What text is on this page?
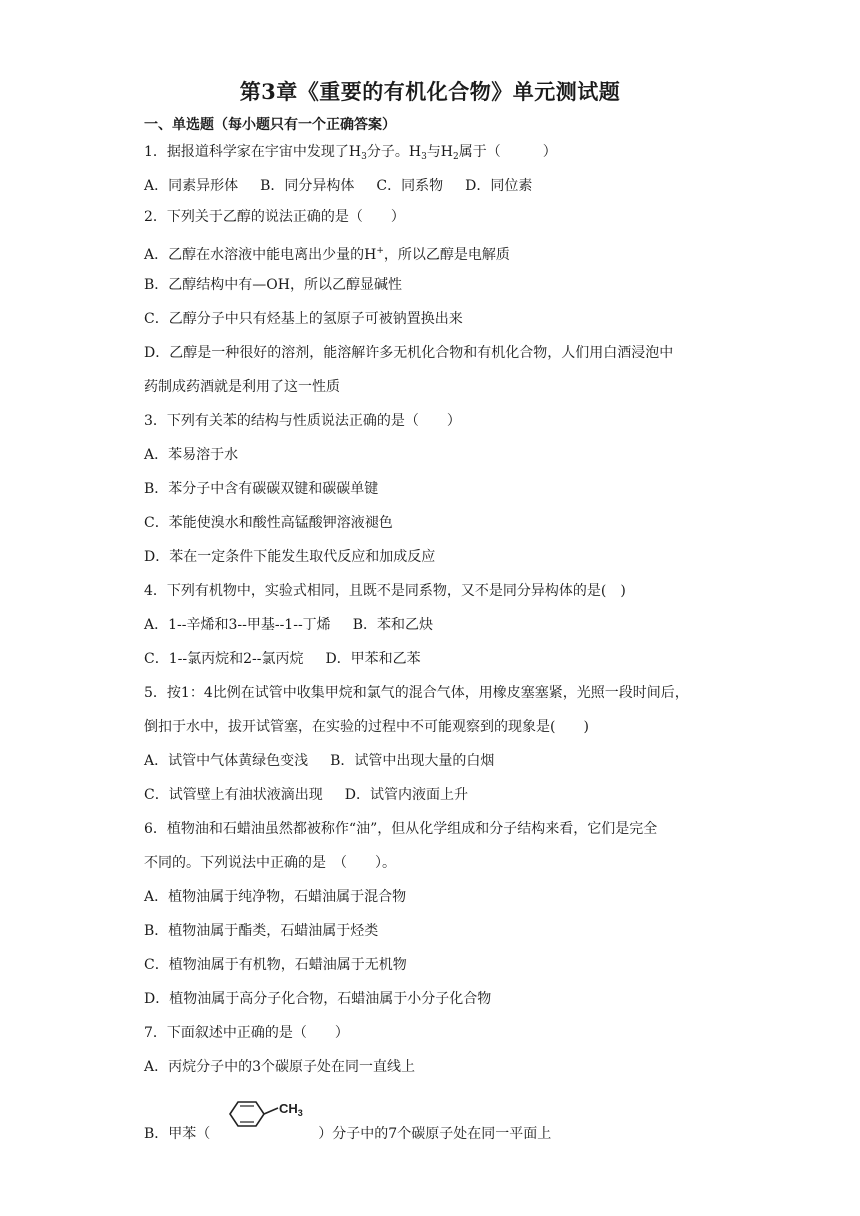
第3章《重要的有机化合物》单元测试题
一、单选题（每小题只有一个正确答案）
1．据报道科学家在宇宙中发现了$H_3$分子。$H_3$与$H_2$属于（　　　）
A．同素异形体 B．同分异构体 C．同系物 D．同位素
2．下列关于乙醇的说法正确的是（　　）
A．乙醇在水溶液中能电离出少量的H+，所以乙醇是电解质
B．乙醇结构中有—OH，所以乙醇显碱性
C．乙醇分子中只有烃基上的氢原子可被钠置换出来
D．乙醇是一种很好的溶剂，能溶解许多无机化合物和有机化合物，人们用白酒浸泡中
药制成药酒就是利用了这一性质
3．下列有关苯的结构与性质说法正确的是（　　）
A．苯易溶于水
B．苯分子中含有碳碳双键和碳碳单键
C．苯能使溴水和酸性高锰酸钾溶液褪色
D．苯在一定条件下能发生取代反应和加成反应
4．下列有机物中，实验式相同，且既不是同系物，又不是同分异构体的是(　)
A．1--辛烯和3--甲基--1--丁烯 B．苯和乙炔
C．1--氯丙烷和2--氯丙烷 D．甲苯和乙苯
5．按1：4比例在试管中收集甲烷和氯气的混合气体，用橡皮塞塞紧，光照一段时间后，
倒扣于水中，拔开试管塞，在实验的过程中不可能观察到的现象是(　　)
A．试管中气体黄绿色变浅 B．试管中出现大量的白烟
C．试管壁上有油状液滴出现 D．试管内液面上升
6．植物油和石蜡油虽然都被称作“油”，但从化学组成和分子结构来看，它们是完全
不同的。下列说法中正确的是　（　　）。
A．植物油属于纯净物，石蜡油属于混合物
B．植物油属于酯类，石蜡油属于烃类
C．植物油属于有机物，石蜡油属于无机物
D．植物油属于高分子化合物，石蜡油属于小分子化合物
7．下面叙述中正确的是（　　）
A．丙烷分子中的3个碳原子处在同一直线上
B．甲苯（	）分子中的7个碳原子处在同一平面上
$CH_3$
